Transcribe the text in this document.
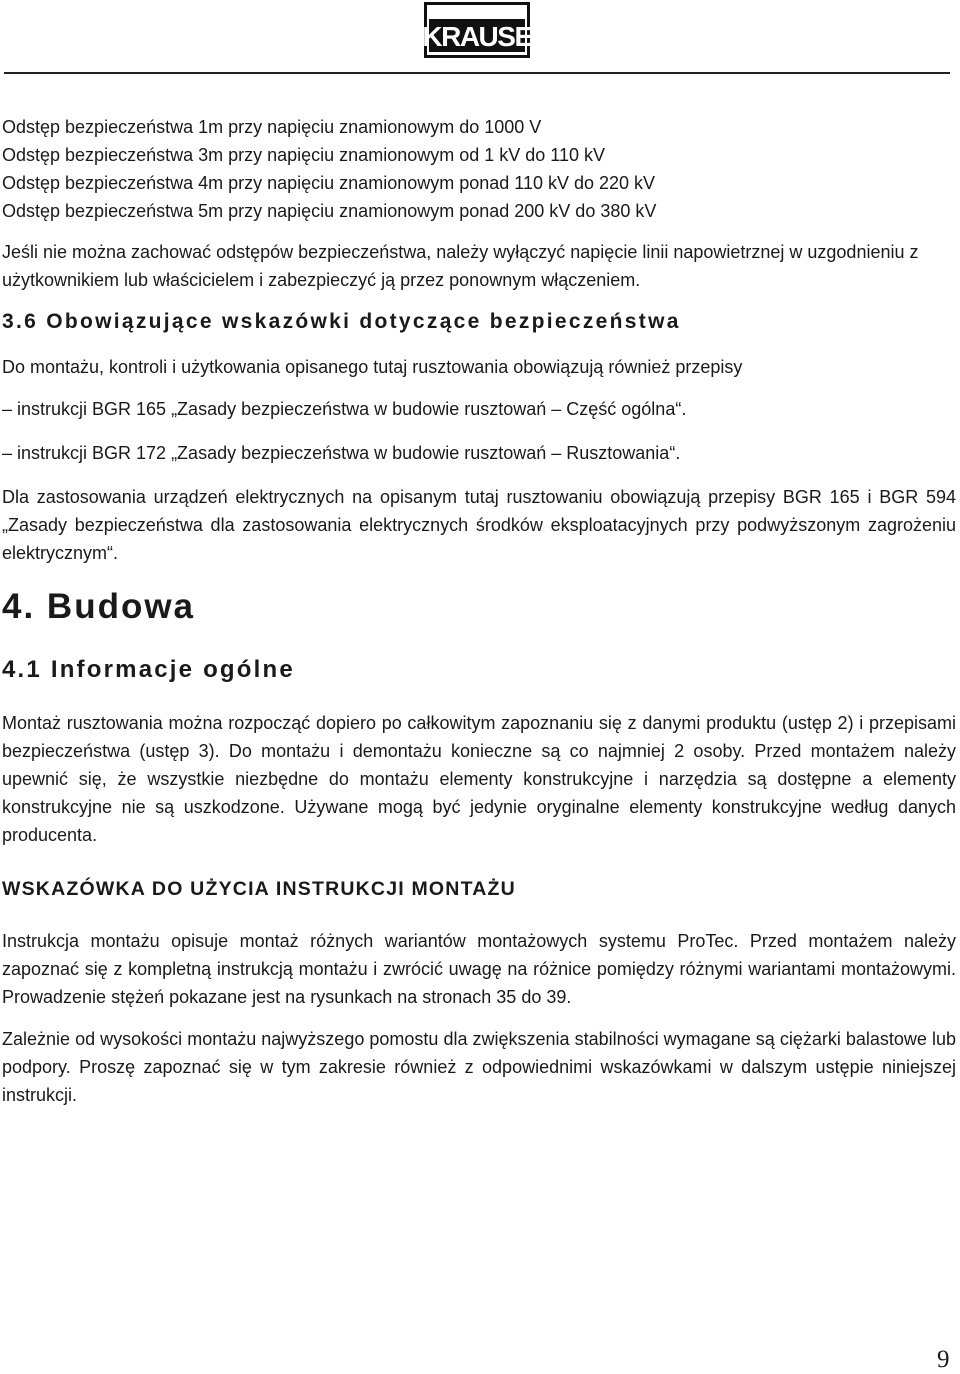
KRAUSE

Odstęp bezpieczeństwa 1m przy napięciu znamionowym do 1000 V

Odstęp bezpieczeństwa 3m przy napięciu znamionowym od 1 kV do 110 kV

Odstęp bezpieczeństwa 4m przy napięciu znamionowym ponad 110 kV do 220 kV

Odstęp bezpieczeństwa 5m przy napięciu znamionowym ponad 200 kV do 380 kV

Jeśli nie można zachować odstępów bezpieczeństwa, należy wyłączyć napięcie linii napowietrznej w uzgodnieniu z użytkownikiem lub właścicielem i zabezpieczyć ją przez ponownym włączeniem.

3.6 Obowiązujące wskazówki dotyczące bezpieczeństwa

Do montażu, kontroli i użytkowania opisanego tutaj rusztowania obowiązują również przepisy

– instrukcji BGR 165 „Zasady bezpieczeństwa w budowie rusztowań – Część ogólna“.

– instrukcji BGR 172 „Zasady bezpieczeństwa w budowie rusztowań – Rusztowania“.

Dla zastosowania urządzeń elektrycznych na opisanym tutaj rusztowaniu obowiązują przepisy BGR 165 i BGR 594 „Zasady bezpieczeństwa dla zastosowania elektrycznych środków eksploatacyjnych przy podwyższonym zagrożeniu elektrycznym“.

4. Budowa
4.1 Informacje ogólne

Montaż rusztowania można rozpocząć dopiero po całkowitym zapoznaniu się z danymi produktu (ustęp 2) i przepisami bezpieczeństwa (ustęp 3). Do montażu i demontażu konieczne są co najmniej 2 osoby. Przed montażem należy upewnić się, że wszystkie niezbędne do montażu elementy konstrukcyjne i narzędzia są dostępne a elementy konstrukcyjne nie są uszkodzone. Używane mogą być jedynie oryginalne elementy konstrukcyjne według danych producenta.

WSKAZÓWKA DO UŻYCIA INSTRUKCJI MONTAŻU

Instrukcja montażu opisuje montaż różnych wariantów montażowych systemu ProTec. Przed montażem należy zapoznać się z kompletną instrukcją montażu i zwrócić uwagę na różnice pomiędzy różnymi wariantami montażowymi. Prowadzenie stężeń pokazane jest na rysunkach na stronach 35 do 39.

Zależnie od wysokości montażu najwyższego pomostu dla zwiększenia stabilności wymagane są ciężarki balastowe lub podpory. Proszę zapoznać się w tym zakresie również z odpowiednimi wskazówkami w dalszym ustępie niniejszej instrukcji.

9
